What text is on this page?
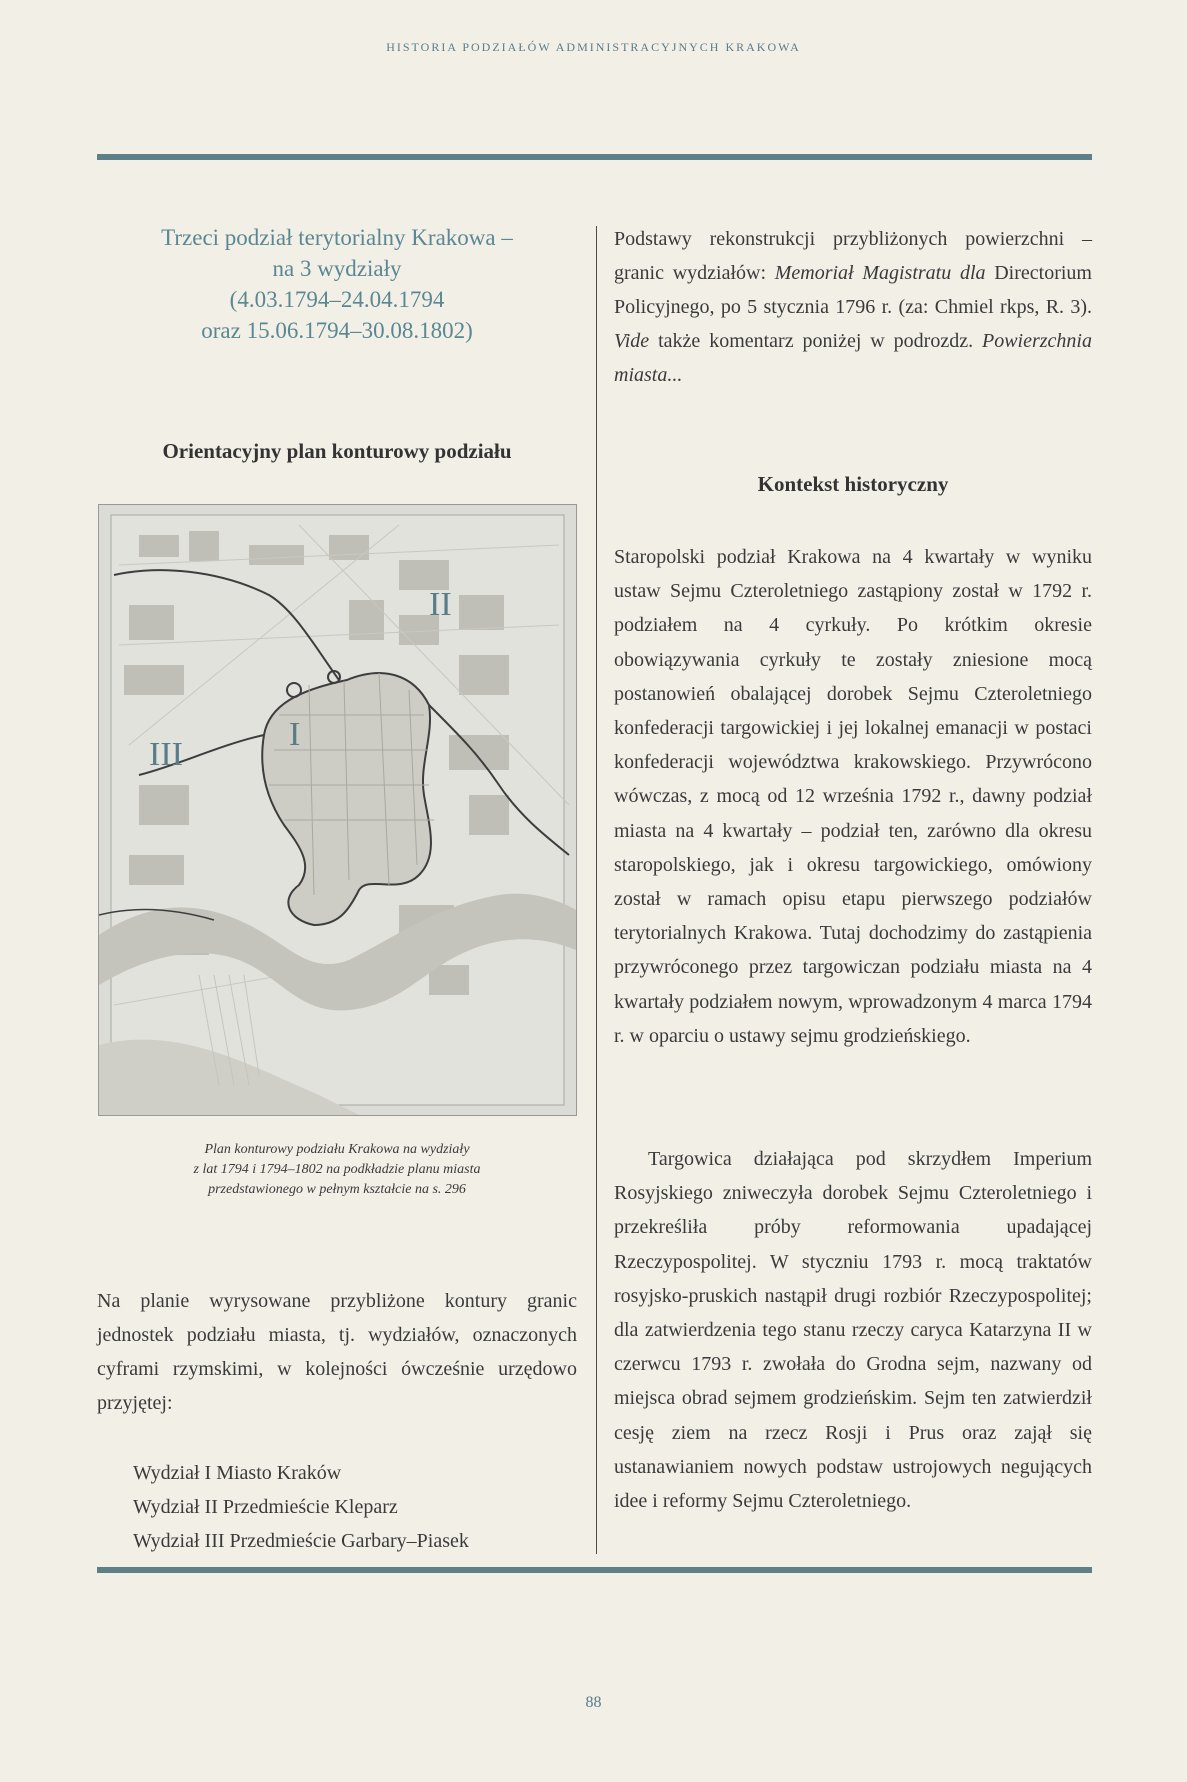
HISTORIA PODZIAŁÓW ADMINISTRACYJNYCH KRAKOWA

Trzeci podział terytorialny Krakowa –

na 3 wydziały

(4.03.1794–24.04.1794

oraz 15.06.1794–30.08.1802)

Orientacyjny plan konturowy podziału
II
I
III
Plan konturowy podziału Krakowa na wydziały
z lat 1794 i 1794–1802 na podkładzie planu miasta
przedstawionego w pełnym kształcie na s. 296

Na planie wyrysowane przybliżone kontury granic jednostek podziału miasta, tj. wydziałów, oznaczonych cyframi rzymskimi, w kolejności ówcześnie urzędowo przyjętej:

Wydział I Miasto Kraków
Wydział II Przedmieście Kleparz
Wydział III Przedmieście Garbary–Piasek

Podstawy rekonstrukcji przybliżonych powierzchni – granic wydziałów: Memoriał Magistratu dla Directorium Policyjnego, po 5 stycznia 1796 r. (za: Chmiel rkps, R. 3). Vide także komentarz poniżej w podrozdz. Powierzchnia miasta...

Kontekst historyczny

Staropolski podział Krakowa na 4 kwartały w wyniku ustaw Sejmu Czteroletniego zastąpiony został w 1792 r. podziałem na 4 cyrkuły. Po krótkim okresie obowiązywania cyrkuły te zostały zniesione mocą postanowień obalającej dorobek Sejmu Czteroletniego konfederacji targowickiej i jej lokalnej emanacji w postaci konfederacji województwa krakowskiego. Przywrócono wówczas, z mocą od 12 września 1792 r., dawny podział miasta na 4 kwartały – podział ten, zarówno dla okresu staropolskiego, jak i okresu targowickiego, omówiony został w ramach opisu etapu pierwszego podziałów terytorialnych Krakowa. Tutaj dochodzimy do zastąpienia przywróconego przez targowiczan podziału miasta na 4 kwartały podziałem nowym, wprowadzonym 4 marca 1794 r. w oparciu o ustawy sejmu grodzieńskiego.

Targowica działająca pod skrzydłem Imperium Rosyjskiego zniweczyła dorobek Sejmu Czteroletniego i przekreśliła próby reformowania upadającej Rzeczypospolitej. W styczniu 1793 r. mocą traktatów rosyjsko-pruskich nastąpił drugi rozbiór Rzeczypospolitej; dla zatwierdzenia tego stanu rzeczy caryca Katarzyna II w czerwcu 1793 r. zwołała do Grodna sejm, nazwany od miejsca obrad sejmem grodzieńskim. Sejm ten zatwierdził cesję ziem na rzecz Rosji i Prus oraz zajął się ustanawianiem nowych podstaw ustrojowych negujących idee i reformy Sejmu Czteroletniego.

88
